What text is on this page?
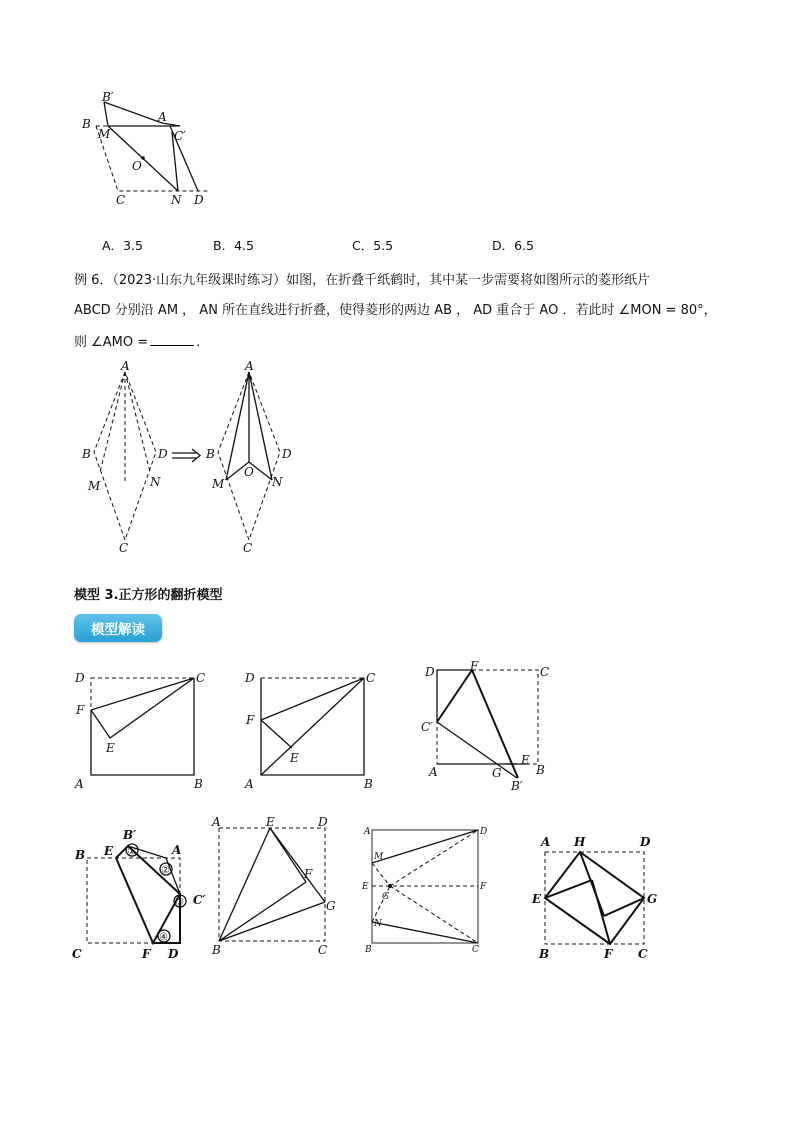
B′
B
M
A
C′
O
C	N D
A．3.5	B．4.5	C．5.5	D．6.5
例 6．（2023·山东九年级课时练习）如图，在折叠千纸鹤时，其中某一步需要将如图所示的菱形纸片
ABCD 分别沿 AM ， AN 所在直线进行折叠，使得菱形的两边 AB ， AD 重合于 AO ．若此时 ∠MON = 80°，
则 ∠AMO =	.
A
B	D
M	N
C
A
B	D
M
O
N
C
模型 3.正方形的翻折模型
模型解读
D	C
F
E
A	B
D	C
F
E
A	B
D	F	C
C′
A	G
E
B
B′
①
②
③
④
B′
B E	A
C′
C	F D
A	E	D
F
G
B	C
A	D
M
E	F
G
N
B	C
A H	D
E	G
B	F C
